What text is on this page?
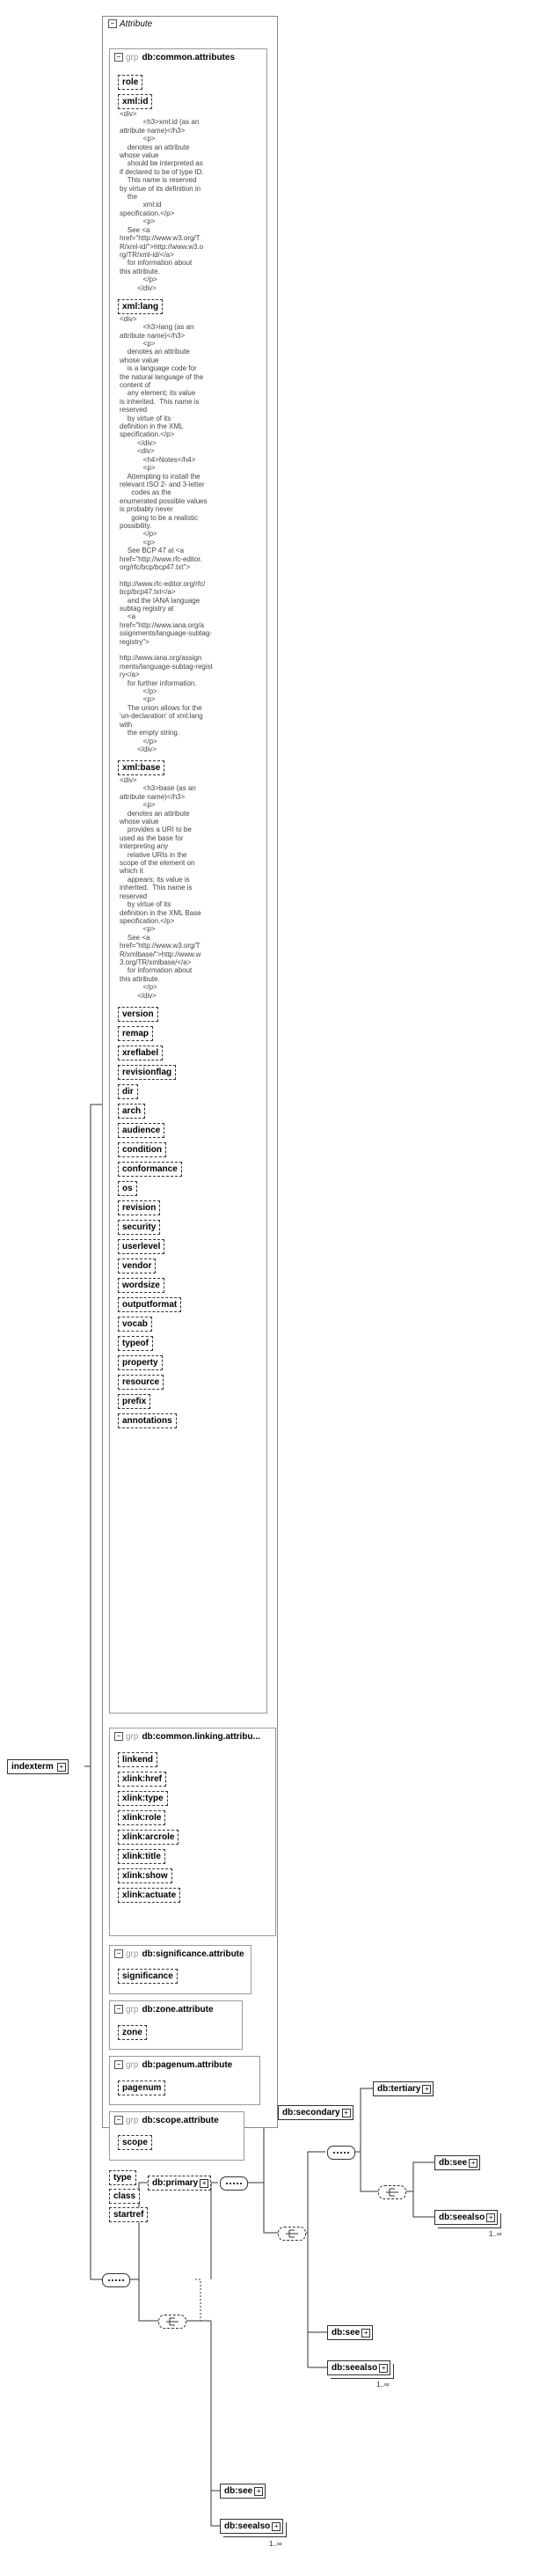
indexterm +
− Attribute
− grp db:common.attributes
role
xml:id
<div>
<h3>xml:id (as an
attribute name)</h3>
<p>
denotes an attribute
whose value
should be interpreted as
if declared to be of type ID.
This name is reserved
by virtue of its definition in
the
xml:id
specification.</p>
<p>
See <a
href="http://www.w3.org/T
R/xml-id/">http://www.w3.o
rg/TR/xml-id/</a>
for information about
this attribute.
</p>
</div>
xml:lang
<div>
<h3>lang (as an
attribute name)</h3>
<p>
denotes an attribute
whose value
is a language code for
the natural language of the
content of
any element; its value
is inherited.  This name is
reserved
by virtue of its
definition in the XML
specification.</p>
</div>
<div>
<h4>Notes</h4>
<p>
Attempting to install the
relevant ISO 2- and 3-letter
codes as the
enumerated possible values
is probably never
going to be a realistic
possibility.
</p>
<p>
See BCP 47 at <a
href="http://www.rfc-editor.
org/rfc/bcp/bcp47.txt">

http://www.rfc-editor.org/rfc/
bcp/bcp47.txt</a>
and the IANA language
subtag registry at
<a
href="http://www.iana.org/a
ssignments/language-subtag-
registry">

http://www.iana.org/assign
ments/language-subtag-regist
ry</a>
for further information.
</p>
<p>
The union allows for the
'un-declaration' of xml:lang
with
the empty string.
</p>
</div>
xml:base
<div>
<h3>base (as an
attribute name)</h3>
<p>
denotes an attribute
whose value
provides a URI to be
used as the base for
interpreting any
relative URIs in the
scope of the element on
which it
appears; its value is
inherited.  This name is
reserved
by virtue of its
definition in the XML Base
specification.</p>
<p>
See <a
href="http://www.w3.org/T
R/xmlbase/">http://www.w
3.org/TR/xmlbase/</a>
for information about
this attribute.
</p>
</div>
version
remap
xreflabel
revisionflag
dir
arch
audience
condition
conformance
os
revision
security
userlevel
vendor
wordsize
outputformat
vocab
typeof
property
resource
prefix
annotations
− grp db:common.linking.attribu...
linkend
xlink:href
xlink:type
xlink:role
xlink:arcrole
xlink:title
xlink:show
xlink:actuate
− grp db:significance.attribute
significance
− grp db:zone.attribute
zone
− grp db:pagenum.attribute
pagenum
− grp db:scope.attribute
scope
type
class
startref
db:primary +
db:secondary +
db:tertiary +
db:see +
db:seealso +
1..∞
db:see +
db:seealso +
1..∞
db:see +
db:seealso +
1..∞
